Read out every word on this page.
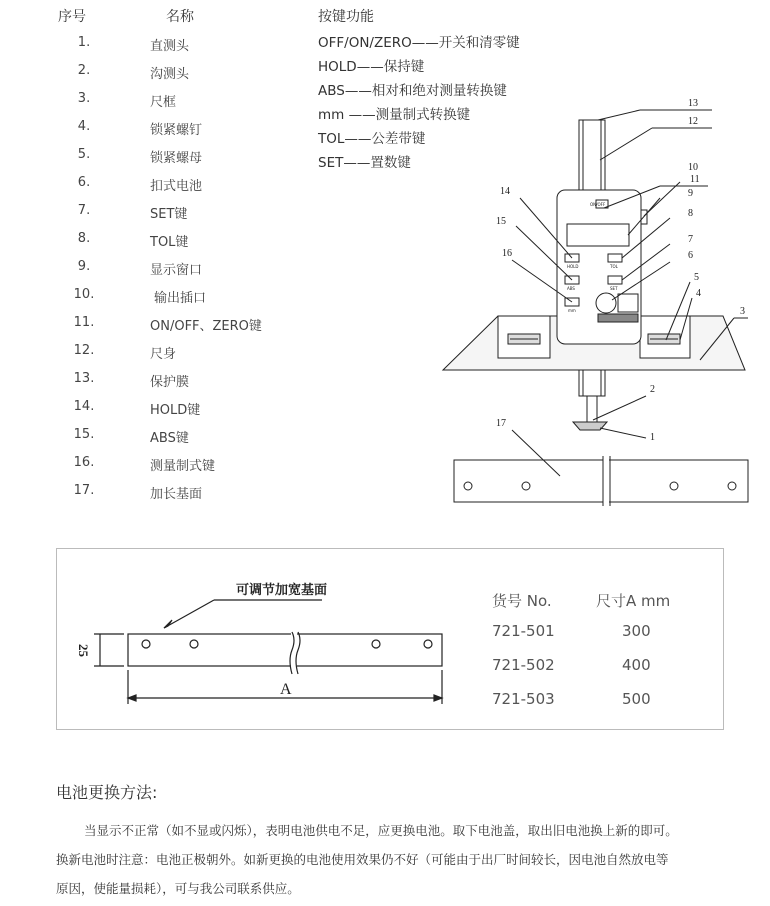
序号	名称
1.	直测头
2.	沟测头
3.	尺框
4.	锁紧螺钉
5.	锁紧螺母
6.	扣式电池
7.	SET键
8.	TOL键
9.	显示窗口
10.	输出插口
11.	ON/OFF、ZERO键
12.	尺身
13.	保护膜
14.	HOLD键
15.	ABS键
16.	测量制式键
17.	加长基面
按键功能
OFF/ON/ZERO——开关和清零键
HOLD——保持键
ABS——相对和绝对测量转换键
mm ——测量制式转换键
TOL——公差带键
SET——置数键
13
12
11
10
9
8
7
6
5
4
3
2
1
14
15
16
17
ON/OFF
HOLD	TOL
ABS	SET
mm
可调节加宽基面
25
A
货号 No.	尺寸A mm
721-501	300
721-502	400
721-503	500
电池更换方法:
当显示不正常（如不显或闪烁），表明电池供电不足，应更换电池。取下电池盖，取出旧电池换上新的即可。
换新电池时注意：电池正极朝外。如新更换的电池使用效果仍不好（可能由于出厂时间较长，因电池自然放电等
原因，使能量损耗），可与我公司联系供应。
